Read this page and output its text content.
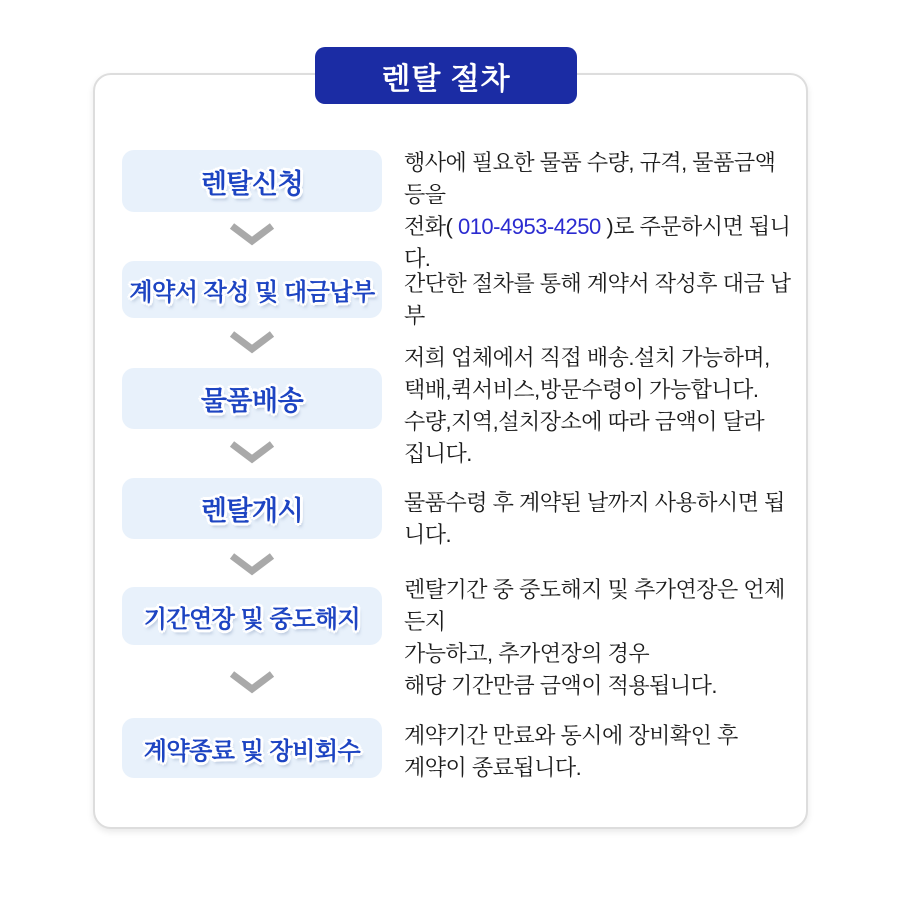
렌탈 절차
렌탈신청
행사에 필요한 물품 수량, 규격, 물품금액 등을
전화( 010-4953-4250 )로 주문하시면 됩니다.
계약서 작성 및 대금납부 간단한 절차를 통해 계약서 작성후 대금 납부
물품배송
저희 업체에서 직접 배송.설치 가능하며,
택배,퀵서비스,방문수령이 가능합니다.
수량,지역,설치장소에 따라 금액이 달라
집니다.
렌탈개시	물품수령 후 계약된 날까지 사용하시면 됩니다.
기간연장 및 중도해지
렌탈기간 중 중도해지 및 추가연장은 언제든지
가능하고, 추가연장의 경우
해당 기간만큼 금액이 적용됩니다.
계약종료 및 장비회수
계약기간 만료와 동시에 장비확인 후
계약이 종료됩니다.
